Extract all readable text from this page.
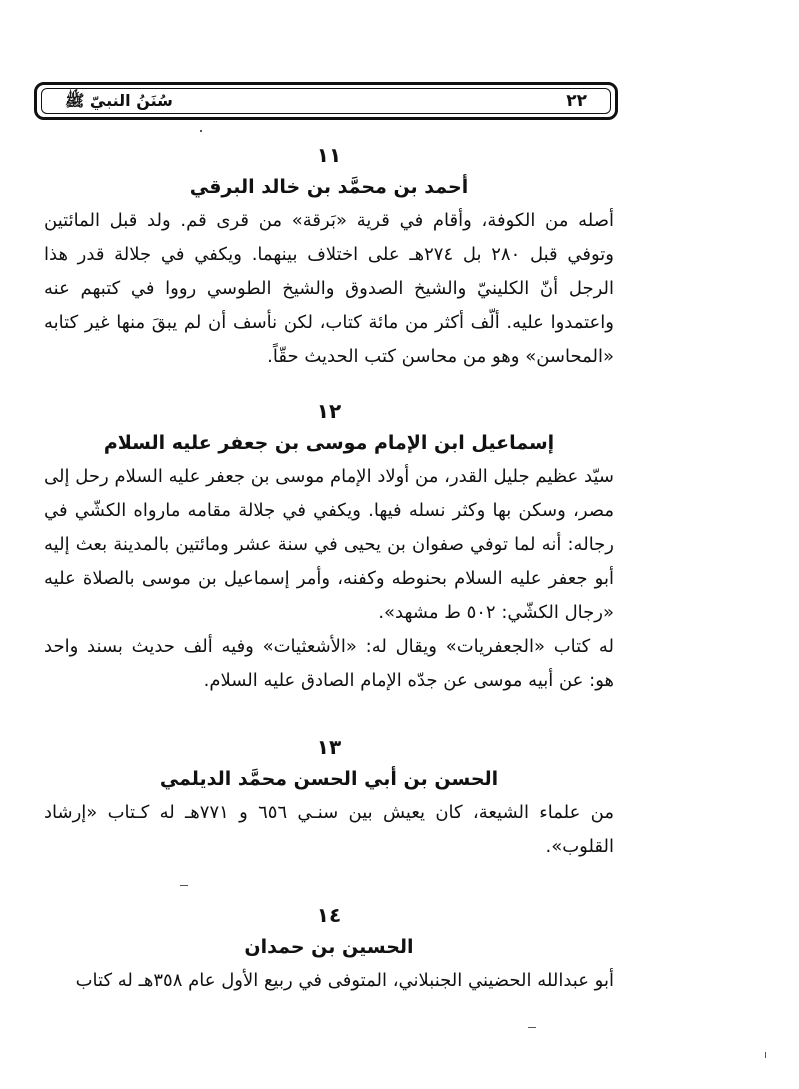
٢٢
سُنَنُ النبيّ ﷺ
١١
أحمد بن محمَّد بن خالد البرقي

أصله من الكوفة، وأقام في قرية «بَرقة» من قرى قم. ولد قبل المائتين وتوفي قبل ٢٨٠ بل ٢٧٤هـ على اختلاف بينهما. ويكفي في جلالة قدر هذا الرجل أنّ الكلينيّ والشيخ الصدوق والشيخ الطوسي رووا في كتبهم عنه واعتمدوا عليه. ألّف أكثر من مائة كتاب، لكن نأسف أن لم يبقَ منها غير كتابه «المحاسن» وهو من محاسن كتب الحديث حقّاً.

١٢
إسماعيل ابن الإمام موسى بن جعفر عليه السلام

سيّد عظيم جليل القدر، من أولاد الإمام موسى بن جعفر عليه السلام رحل إلى مصر، وسكن بها وكثر نسله فيها. ويكفي في جلالة مقامه مارواه الكشّي في رجاله: أنه لما توفي صفوان بن يحيى في سنة عشر ومائتين بالمدينة بعث إليه أبو جعفر عليه السلام بحنوطه وكفنه، وأمر إسماعيل بن موسى بالصلاة عليه «رجال الكشّي: ٥٠٢ ط مشهد».

له كتاب «الجعفريات» ويقال له: «الأشعثيات» وفيه ألف حديث بسند واحد هو: عن أبيه موسى عن جدّه الإمام الصادق عليه السلام.

١٣
الحسن بن أبي الحسن محمَّد الديلمي

من علماء الشيعة، كان يعيش بين سنـي ٦٥٦ و ٧٧١هـ له كـتاب «إرشاد القلوب».

١٤
الحسين بن حمدان

أبو عبدالله الحضيني الجنبلاني، المتوفى في ربيع الأول عام ٣٥٨هـ له كتاب
